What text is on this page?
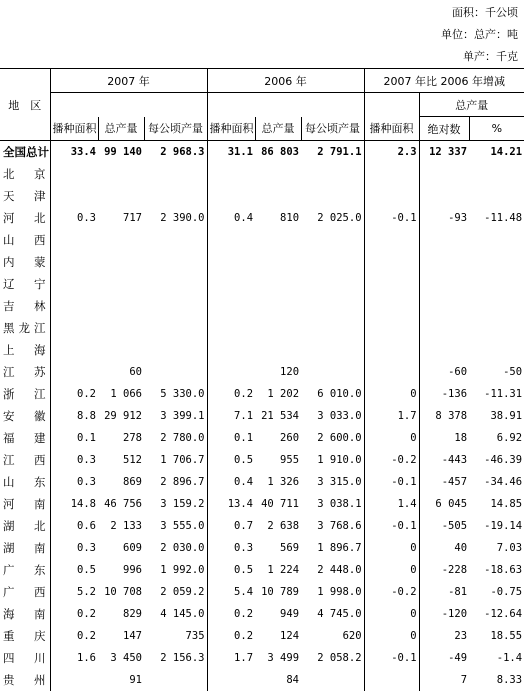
面积：千公顷
单位：总产：吨
单产：千克
地　区	2007 年			2006 年			2007 年比 2006 年增减		
								总产量	
	播种面积	总产量	每公顷产量	播种面积	总产量	每公顷产量	播种面积	绝对数	%
全国总计	33.4	99 140	2 968.3	31.1	86 803	2 791.1	2.3	12 337	14.21
北京									
天津									
河北	0.3	717	2 390.0	0.4	810	2 025.0	-0.1	-93	-11.48
山西									
内蒙									
辽宁									
吉林									
黑龙江									
上海									
江苏		60			120			-60	-50
浙江	0.2	1 066	5 330.0	0.2	1 202	6 010.0	0	-136	-11.31
安徽	8.8	29 912	3 399.1	7.1	21 534	3 033.0	1.7	8 378	38.91
福建	0.1	278	2 780.0	0.1	260	2 600.0	0	18	6.92
江西	0.3	512	1 706.7	0.5	955	1 910.0	-0.2	-443	-46.39
山东	0.3	869	2 896.7	0.4	1 326	3 315.0	-0.1	-457	-34.46
河南	14.8	46 756	3 159.2	13.4	40 711	3 038.1	1.4	6 045	14.85
湖北	0.6	2 133	3 555.0	0.7	2 638	3 768.6	-0.1	-505	-19.14
湖南	0.3	609	2 030.0	0.3	569	1 896.7	0	40	7.03
广东	0.5	996	1 992.0	0.5	1 224	2 448.0	0	-228	-18.63
广西	5.2	10 708	2 059.2	5.4	10 789	1 998.0	-0.2	-81	-0.75
海南	0.2	829	4 145.0	0.2	949	4 745.0	0	-120	-12.64
重庆	0.2	147	735	0.2	124	620	0	23	18.55
四川	1.6	3 450	2 156.3	1.7	3 499	2 058.2	-0.1	-49	-1.4
贵州		91			84			7	8.33
